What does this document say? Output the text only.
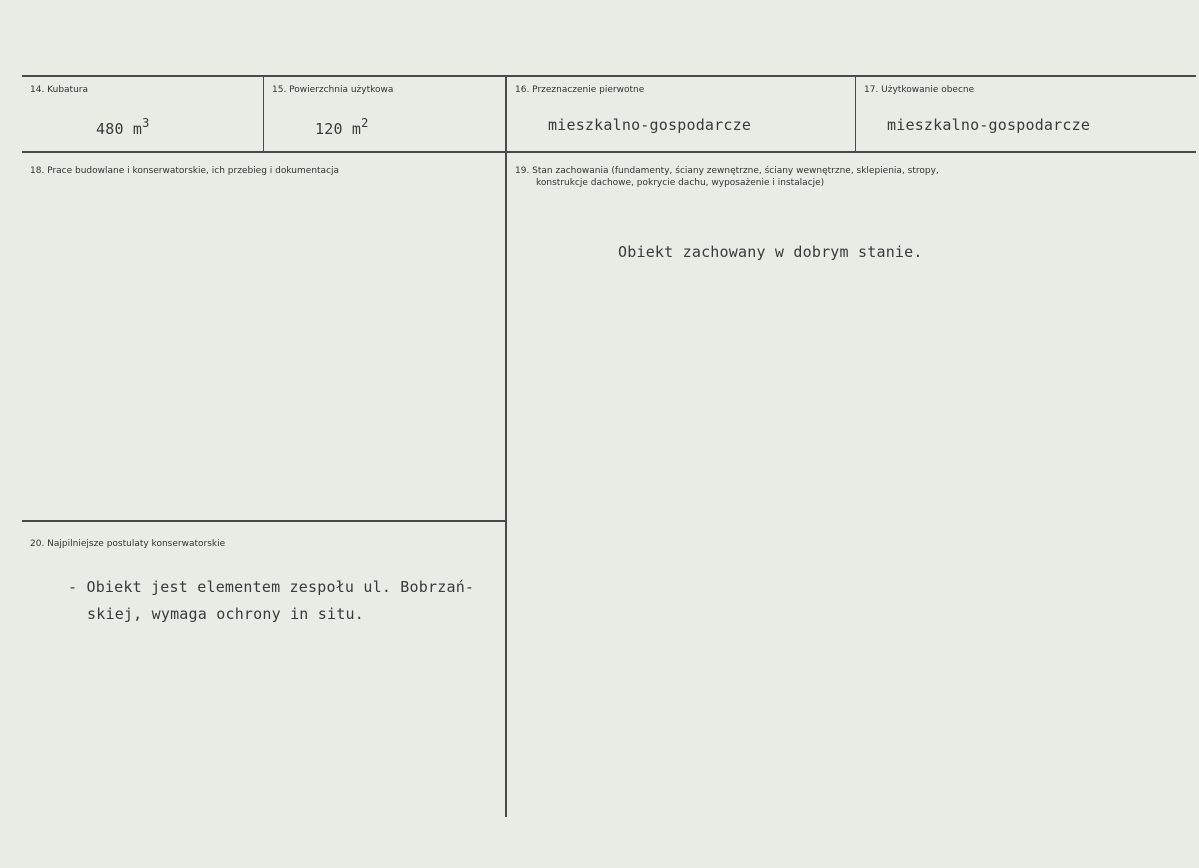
14. Kubatura
480 $m^3$
15. Powierzchnia użytkowa
120 $m^2$
16. Przeznaczenie pierwotne
mieszkalno-gospodarcze
17. Użytkowanie obecne
mieszkalno-gospodarcze
18. Prace budowlane i konserwatorskie, ich przebieg i dokumentacja	19. Stan zachowania (fundamenty, ściany zewnętrzne, ściany wewnętrzne, sklepienia, stropy,
konstrukcje dachowe, pokrycie dachu, wyposażenie i instalacje)
Obiekt zachowany w dobrym stanie.
20. Najpilniejsze postulaty konserwatorskie
- Obiekt jest elementem zespołu ul. Bobrzań-
skiej, wymaga ochrony in situ.
